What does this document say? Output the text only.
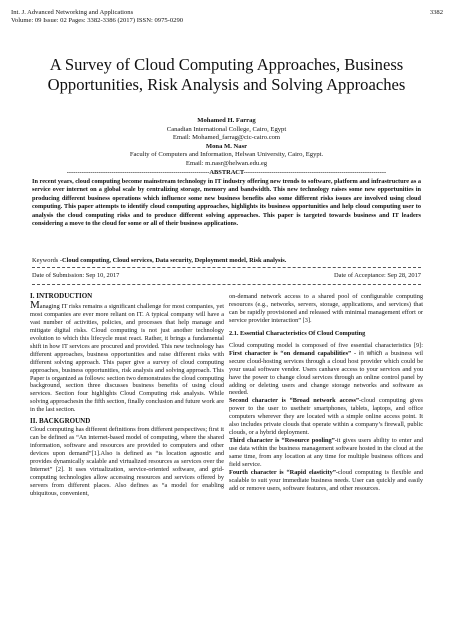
Int. J. Advanced Networking and Applications
Volume: 09 Issue: 02 Pages: 3382-3386 (2017) ISSN: 0975-0290
3382
A Survey of Cloud Computing Approaches, Business Opportunities, Risk Analysis and Solving Approaches
Mohamed H. Farrag
Canadian International College, Cairo, Egypt
Email: Mohamed_farrag@cic-cairo.com
Mona M. Nasr
Faculty of Computers and Information, Helwan University, Cairo, Egypt.
Email: m.nasr@helwan.edu.eg
-------------------------------------------------------------------ABSTRACT-------------------------------------------------------------------
In recent years, cloud computing become mainstream technology in IT industry offering new trends to software, platform and infrastructure as a service over internet on a global scale by centralizing storage, memory and bandwidth. This new technology raises some new opportunities in producing different business operations which influence some new business benefits also some different risks issues are involved using cloud computing. This paper attempts to identify cloud computing approaches, highlights its business opportunities and help cloud computing user to analysis the cloud computing risks and to produce different solving approaches. This paper is targeted towards business and IT leaders considering a move to the cloud for some or all of their business applications.
Keywords -Cloud computing, Cloud services, Data security, Deployment model, Risk analysis.
Date of Submission: Sep 10, 2017	Date of Acceptance: Sep 28, 2017

I. INTRODUCTION

Managing IT risks remains a significant challenge for most companies, yet most companies are ever more reliant on IT. A typical company will have a vast number of activities, policies, and processes that help manage and mitigate digital risks. Cloud computing is not just another technology evolution to which this lifecycle must react. Rather, it brings a fundamental shift in how IT services are procured and provided. This new technology has different approaches, business opportunities and raise different risks with different solving approach. This paper give a survey of cloud computing approaches, business opportunities, risk analysis and solving approach. This Paper is organized as follows: section two demonstrates the cloud computing background, section three discusses business benefits of using cloud services. Section four highlights Cloud Computing risk analysis. While solving approachesin the fifth section, finally conclusion and future work are in the last section.

II. BACKGROUND

Cloud computing has different definitions from different perspectives; first it can be defined as “An internet-based model of computing, where the shared information, software and resources are provided to computers and other devices upon demand”[1].Also is defined as “is location agnostic and provides dynamically scalable and virtualized resources as services over the Internet” [2]. It uses virtualization, service-oriented software, and grid-computing technologies allow accessing resources and services offered by servers from different places. Also defines as “a model for enabling ubiquitous, convenient,

on-demand network access to a shared pool of configurable computing resources (e.g., networks, servers, storage, applications, and services) that can be rapidly provisioned and released with minimal management effort or service provider interaction” [3].

2.1. Essential Characteristics Of Cloud Computing

Cloud computing model is composed of five essential characteristics [9]: First character is “on demand capabilities” - in which a business wil secure cloud-hosting services through a cloud host provider which could be your usual software vendor. Users canhave access to your services and you have the power to change cloud services through an online control panel by adding or deleting users and change storage networks and software as needed.

Second character is “Broad network access”-cloud computing gives power to the user to usetheir smartphones, tablets, laptops, and office computers wherever they are located with a simple online access point. It also includes private clouds that operate within a company’s firewall, public clouds, or a hybrid deployment.

Third character is “Resource pooling”-it gives users ability to enter and use data within the business management software hosted in the cloud at the same time, from any location at any time for multiple business offices and field service.

Fourth character is “Rapid elasticity”-cloud computing is flexible and scalable to suit your immediate business needs. User can quickly and easily add or remove users, software features, and other resources.
